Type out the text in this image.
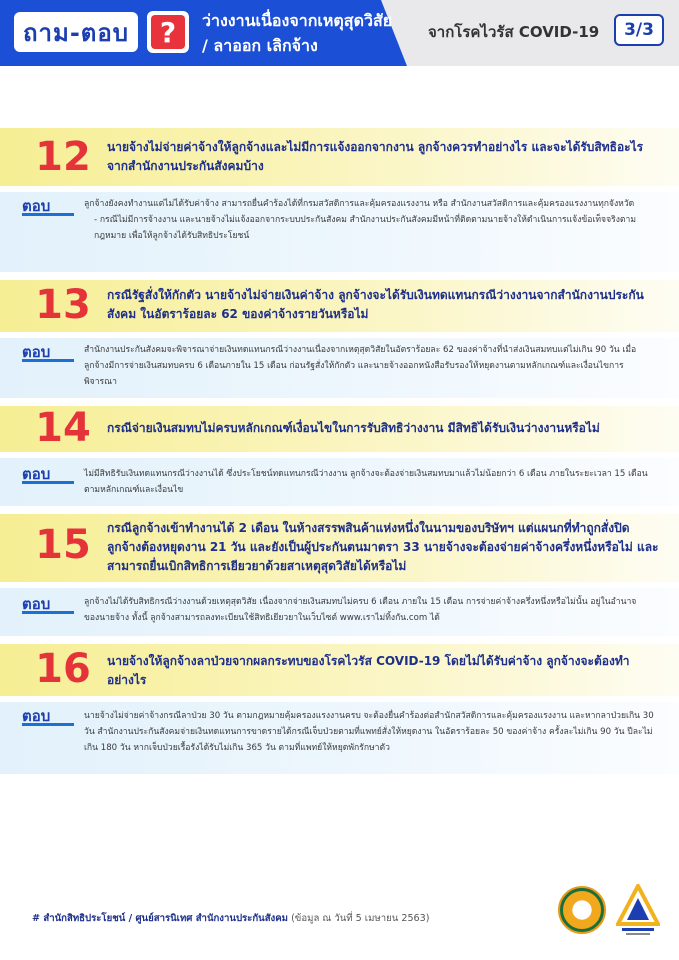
ถาม-ตอบ	?	ว่างงานเนื่องจากเหตุสุดวิสัย
/ ลาออก เลิกจ้าง
จากโรคไวรัส COVID-19	3/3
12	นายจ้างไม่จ่ายค่าจ้างให้ลูกจ้างและไม่มีการแจ้งออกจากงาน ลูกจ้างควรทำอย่างไร และจะได้รับสิทธิอะไรจากสำนักงานประกันสังคมบ้าง
ตอบ	ลูกจ้างยังคงทำงานแต่ไม่ได้รับค่าจ้าง สามารถยื่นคำร้องได้ที่กรมสวัสดิการและคุ้มครองแรงงาน หรือ สำนักงานสวัสดิการและคุ้มครองแรงงานทุกจังหวัด

- กรณีไม่มีการจ้างงาน และนายจ้างไม่แจ้งออกจากระบบประกันสังคม สำนักงานประกันสังคมมีหน้าที่ติดตามนายจ้างให้ดำเนินการแจ้งข้อเท็จจริงตามกฎหมาย เพื่อให้ลูกจ้างได้รับสิทธิประโยชน์

13	กรณีรัฐสั่งให้กักตัว นายจ้างไม่จ่ายเงินค่าจ้าง ลูกจ้างจะได้รับเงินทดแทนกรณีว่างงานจากสำนักงานประกันสังคม ในอัตราร้อยละ 62 ของค่าจ้างรายวันหรือไม่
ตอบ	สำนักงานประกันสังคมจะพิจารณาจ่ายเงินทดแทนกรณีว่างงานเนื่องจากเหตุสุดวิสัยในอัตราร้อยละ 62 ของค่าจ้างที่นำส่งเงินสมทบแต่ไม่เกิน 90 วัน เมื่อลูกจ้างมีการจ่ายเงินสมทบครบ 6 เดือนภายใน 15 เดือน ก่อนรัฐสั่งให้กักตัว และนายจ้างออกหนังสือรับรองให้หยุดงานตามหลักเกณฑ์และเงื่อนไขการพิจารณา

14	กรณีจ่ายเงินสมทบไม่ครบหลักเกณฑ์เงื่อนไขในการรับสิทธิว่างงาน มีสิทธิได้รับเงินว่างงานหรือไม่
ตอบ	ไม่มีสิทธิรับเงินทดแทนกรณีว่างงานได้ ซึ่งประโยชน์ทดแทนกรณีว่างงาน ลูกจ้างจะต้องจ่ายเงินสมทบมาแล้วไม่น้อยกว่า 6 เดือน ภายในระยะเวลา 15 เดือน ตามหลักเกณฑ์และเงื่อนไข

15	กรณีลูกจ้างเข้าทำงานได้ 2 เดือน ในห้างสรรพสินค้าแห่งหนึ่งในนามของบริษัทฯ แต่แผนกที่ทำถูกสั่งปิด ลูกจ้างต้องหยุดงาน 21 วัน และยังเป็นผู้ประกันตนมาตรา 33 นายจ้างจะต้องจ่ายค่าจ้างครึ่งหนึ่งหรือไม่ และสามารถยื่นเบิกสิทธิการเยียวยาด้วยสาเหตุสุดวิสัยได้หรือไม่
ตอบ	ลูกจ้างไม่ได้รับสิทธิกรณีว่างงานด้วยเหตุสุดวิสัย เนื่องจากจ่ายเงินสมทบไม่ครบ 6 เดือน ภายใน 15 เดือน การจ่ายค่าจ้างครึ่งหนึ่งหรือไม่นั้น อยู่ในอำนาจของนายจ้าง ทั้งนี้ ลูกจ้างสามารถลงทะเบียนใช้สิทธิเยียวยาในเว็บไซต์ www.เราไม่ทิ้งกัน.com ได้

16	นายจ้างให้ลูกจ้างลาป่วยจากผลกระทบของโรคไวรัส COVID-19 โดยไม่ได้รับค่าจ้าง ลูกจ้างจะต้องทำอย่างไร
ตอบ	นายจ้างไม่จ่ายค่าจ้างกรณีลาป่วย 30 วัน ตามกฎหมายคุ้มครองแรงงานครบ จะต้องยื่นคำร้องต่อสำนักสวัสดิการและคุ้มครองแรงงาน และหากลาป่วยเกิน 30 วัน สำนักงานประกันสังคมจ่ายเงินทดแทนการขาดรายได้กรณีเจ็บป่วยตามที่แพทย์สั่งให้หยุดงาน ในอัตราร้อยละ 50 ของค่าจ้าง ครั้งละไม่เกิน 90 วัน ปีละไม่เกิน 180 วัน หากเจ็บป่วยเรื้อรังได้รับไม่เกิน 365 วัน ตามที่แพทย์ให้หยุดพักรักษาตัว

# สำนักสิทธิประโยชน์ / ศูนย์สารนิเทศ สำนักงานประกันสังคม (ข้อมูล ณ วันที่ 5 เมษายน 2563)
